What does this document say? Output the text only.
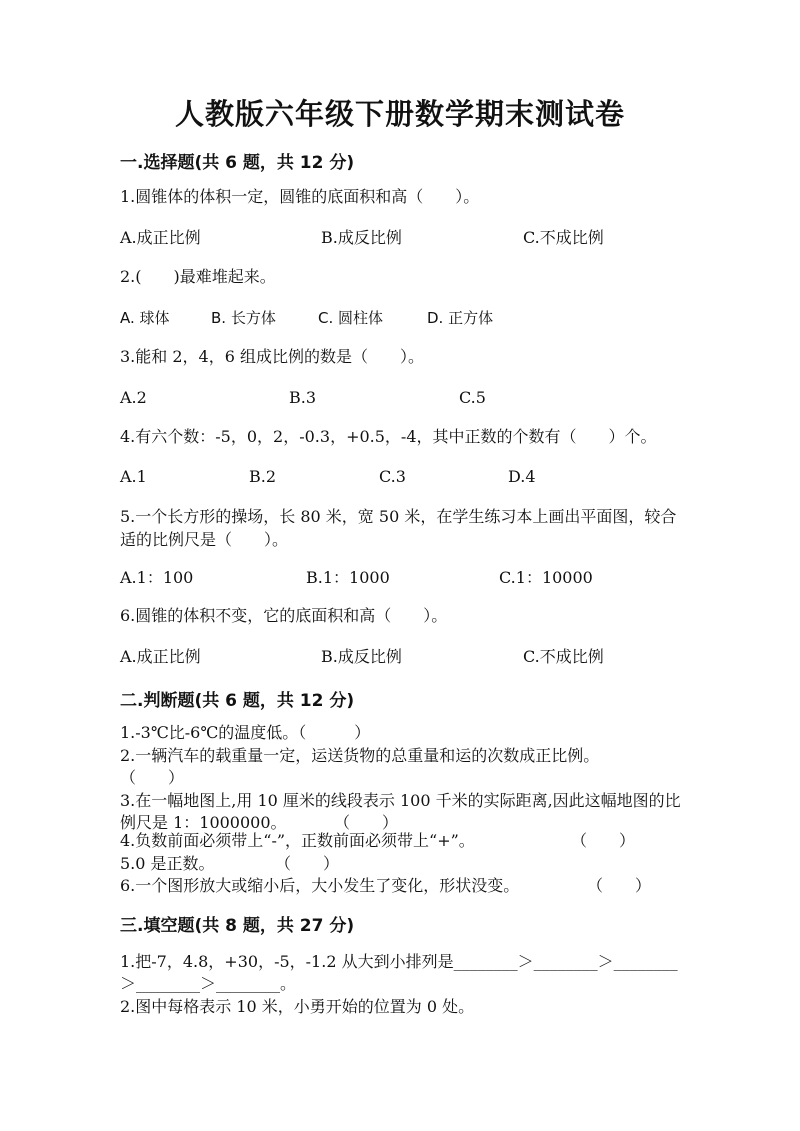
人教版六年级下册数学期末测试卷
一.选择题(共 6 题，共 12 分)
1.圆锥体的体积一定，圆锥的底面积和高（　　）。
A.成正比例	B.成反比例	C.不成比例
2.(　　)最难堆起来。
A. 球体	B. 长方体	C. 圆柱体	D. 正方体
3.能和 2，4，6 组成比例的数是（　　）。
A.2	B.3	C.5
4.有六个数：-5，0，2，-0.3，+0.5，-4，其中正数的个数有（　　）个。
A.1	B.2	C.3	D.4
5.一个长方形的操场，长 80 米，宽 50 米，在学生练习本上画出平面图，较合
适的比例尺是（　　）。
A.1：100	B.1：1000	C.1：10000
6.圆锥的体积不变，它的底面积和高（　　）。
A.成正比例	B.成反比例	C.不成比例
二.判断题(共 6 题，共 12 分)
1.-3℃比-6℃的温度低。（　　　）
2.一辆汽车的载重量一定，运送货物的总重量和运的次数成正比例。
（　　）
3.在一幅地图上,用 10 厘米的线段表示 100 千米的实际距离,因此这幅地图的比
例尺是 1：1000000。	（　　）
4.负数前面必须带上“-”，正数前面必须带上“+”。	（　　）
5.0 是正数。	（　　）
6.一个图形放大或缩小后，大小发生了变化，形状没变。	（　　）
三.填空题(共 8 题，共 27 分)
1.把-7，4.8，+30，-5，-1.2 从大到小排列是________＞________＞________
＞________＞________。
2.图中每格表示 10 米，小勇开始的位置为 0 处。
